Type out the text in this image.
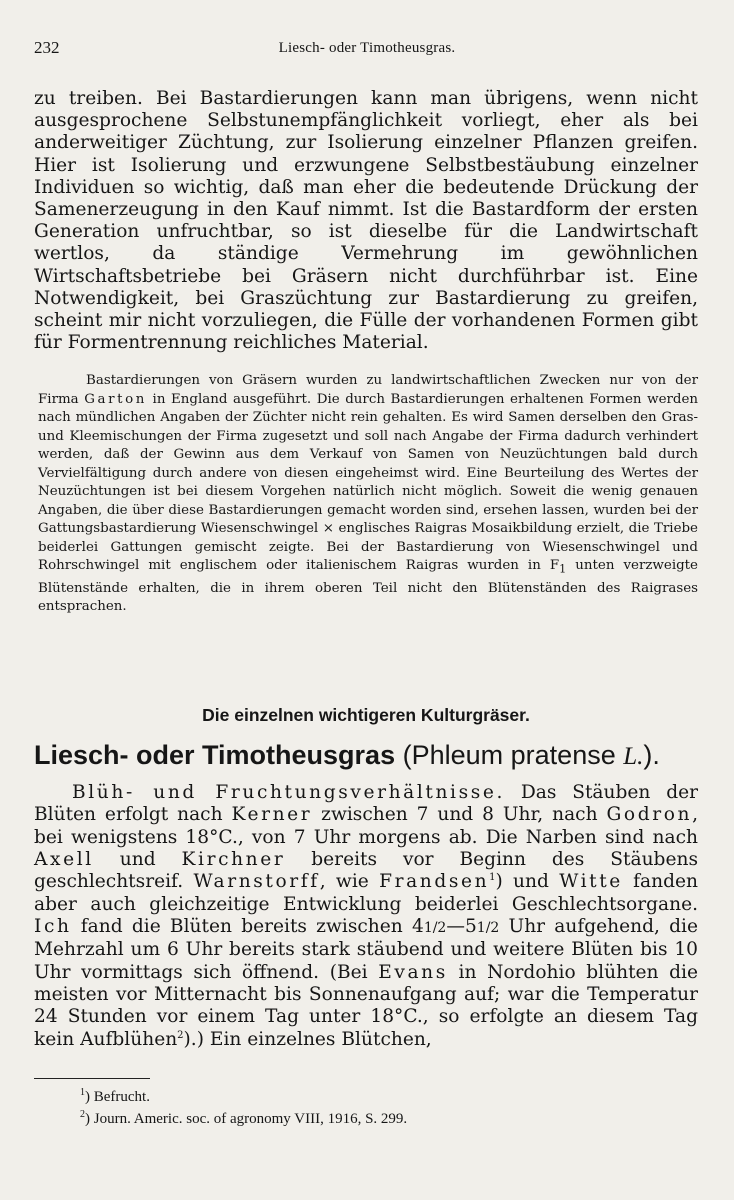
232	Liesch- oder Timotheusgras.
zu treiben. Bei Bastardierungen kann man übrigens, wenn nicht ausgesprochene Selbstunempfänglichkeit vorliegt, eher als bei anderweitiger Züchtung, zur Isolierung einzelner Pflanzen greifen. Hier ist Isolierung und erzwungene Selbstbestäubung einzelner Individuen so wichtig, daß man eher die bedeutende Drückung der Samenerzeugung in den Kauf nimmt. Ist die Bastardform der ersten Generation unfruchtbar, so ist dieselbe für die Landwirtschaft wertlos, da ständige Vermehrung im gewöhnlichen Wirtschaftsbetriebe bei Gräsern nicht durchführbar ist. Eine Notwendigkeit, bei Graszüchtung zur Bastardierung zu greifen, scheint mir nicht vorzuliegen, die Fülle der vorhandenen Formen gibt für Formentrennung reichliches Material.
Bastardierungen von Gräsern wurden zu landwirtschaftlichen Zwecken nur von der Firma Garton in England ausgeführt. Die durch Bastardierungen erhaltenen Formen werden nach mündlichen Angaben der Züchter nicht rein gehalten. Es wird Samen derselben den Gras- und Kleemischungen der Firma zugesetzt und soll nach Angabe der Firma dadurch verhindert werden, daß der Gewinn aus dem Verkauf von Samen von Neuzüchtungen bald durch Vervielfältigung durch andere von diesen eingeheimst wird. Eine Beurteilung des Wertes der Neuzüchtungen ist bei diesem Vorgehen natürlich nicht möglich. Soweit die wenig genauen Angaben, die über diese Bastardierungen gemacht worden sind, ersehen lassen, wurden bei der Gattungsbastardierung Wiesenschwingel × englisches Raigras Mosaikbildung erzielt, die Triebe beiderlei Gattungen gemischt zeigte. Bei der Bastardierung von Wiesenschwingel und Rohrschwingel mit englischem oder italienischem Raigras wurden in $F_1$ unten verzweigte Blütenstände erhalten, die in ihrem oberen Teil nicht den Blütenständen des Raigrases entsprachen.
Die einzelnen wichtigeren Kulturgräser.
Liesch- oder Timotheusgras (Phleum pratense L.).
Blüh- und Fruchtungsverhältnisse. Das Stäuben der Blüten erfolgt nach Kerner zwischen 7 und 8 Uhr, nach Godron, bei wenigstens 18°C., von 7 Uhr morgens ab. Die Narben sind nach Axell und Kirchner bereits vor Beginn des Stäubens geschlechtsreif. Warnstorff, wie Frandsen$^1$) und Witte fanden aber auch gleichzeitige Entwicklung beiderlei Geschlechtsorgane. Ich fand die Blüten bereits zwischen 41/2—51/2 Uhr aufgehend, die Mehrzahl um 6 Uhr bereits stark stäubend und weitere Blüten bis 10 Uhr vormittags sich öffnend. (Bei Evans in Nordohio blühten die meisten vor Mitternacht bis Sonnenaufgang auf; war die Temperatur 24 Stunden vor einem Tag unter 18°C., so erfolgte an diesem Tag kein Aufblühen$^2$).) Ein einzelnes Blütchen,
$^1$) Befrucht.
$^2$) Journ. Americ. soc. of agronomy VIII, 1916, S. 299.
